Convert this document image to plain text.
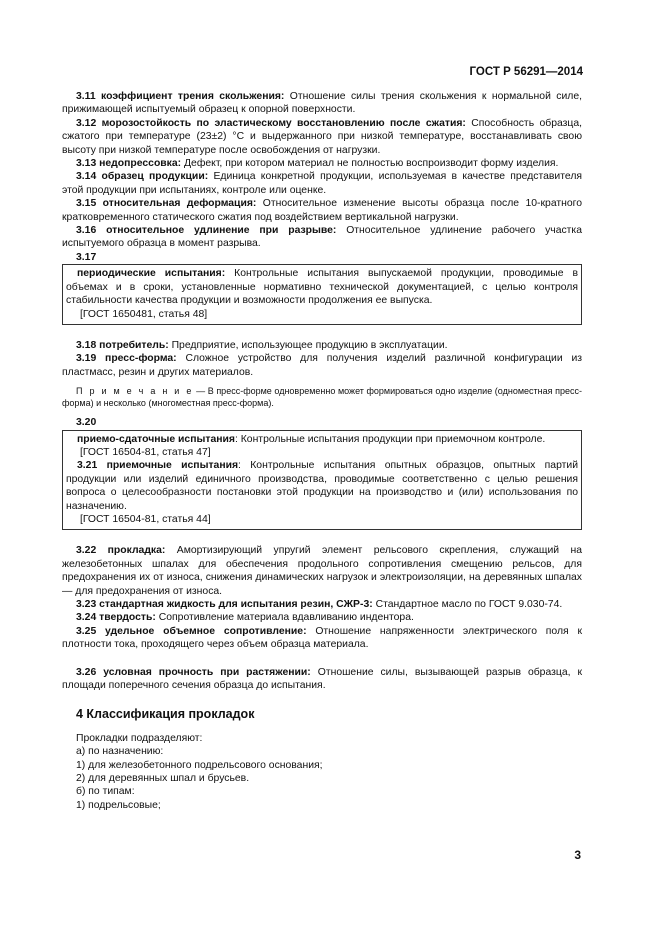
ГОСТ Р 56291—2014

3.11 коэффициент трения скольжения: Отношение силы трения скольжения к нормальной силе, прижимающей испытуемый образец к опорной поверхности.

3.12 морозостойкость по эластическому восстановлению после сжатия: Способность образца, сжатого при температуре (23±2) °С и выдержанного при низкой температуре, восстанавливать свою высоту при низкой температуре после освобождения от нагрузки.

3.13 недопрессовка: Дефект, при котором материал не полностью воспроизводит форму изделия.

3.14 образец продукции: Единица конкретной продукции, используемая в качестве представителя этой продукции при испытаниях, контроле или оценке.

3.15 относительная деформация: Относительное изменение высоты образца после 10-кратного кратковременного статического сжатия под воздействием вертикальной нагрузки.

3.16 относительное удлинение при разрыве: Относительное удлинение рабочего участка испытуемого образца в момент разрыва.

3.17

периодические испытания: Контрольные испытания выпускаемой продукции, проводимые в объемах и в сроки, установленные нормативно технической документацией, с целью контроля стабильности качества продукции и возможности продолжения ее выпуска.

[ГОСТ 1650481, статья 48]

3.18 потребитель: Предприятие, использующее продукцию в эксплуатации.

3.19 пресс-форма: Сложное устройство для получения изделий различной конфигурации из пластмасс, резин и других материалов.

П р и м е ч а н и е — В пресс-форме одновременно может формироваться одно изделие (одноместная пресс-форма) и несколько (многоместная пресс-форма).

3.20

приемо-сдаточные испытания: Контрольные испытания продукции при приемочном контроле.

[ГОСТ 16504-81, статья 47]

3.21 приемочные испытания: Контрольные испытания опытных образцов, опытных партий продукции или изделий единичного производства, проводимые соответственно с целью решения вопроса о целесообразности постановки этой продукции на производство и (или) использования по назначению.

[ГОСТ 16504-81, статья 44]

3.22 прокладка: Амортизирующий упругий элемент рельсового скрепления, служащий на железобетонных шпалах для обеспечения продольного сопротивления смещению рельсов, для предохранения их от износа, снижения динамических нагрузок и электроизоляции, на деревянных шпалах — для предохранения от износа.

3.23 стандартная жидкость для испытания резин, СЖР-3: Стандартное масло по ГОСТ 9.030-74.

3.24 твердость: Сопротивление материала вдавливанию индентора.

3.25 удельное объемное сопротивление: Отношение напряженности электрического поля к плотности тока, проходящего через объем образца материала.

3.26 условная прочность при растяжении: Отношение силы, вызывающей разрыв образца, к площади поперечного сечения образца до испытания.

4 Классификация прокладок

Прокладки подразделяют:

а) по назначению:

1) для железобетонного подрельсового основания;

2) для деревянных шпал и брусьев.

б) по типам:

1) подрельсовые;

3
